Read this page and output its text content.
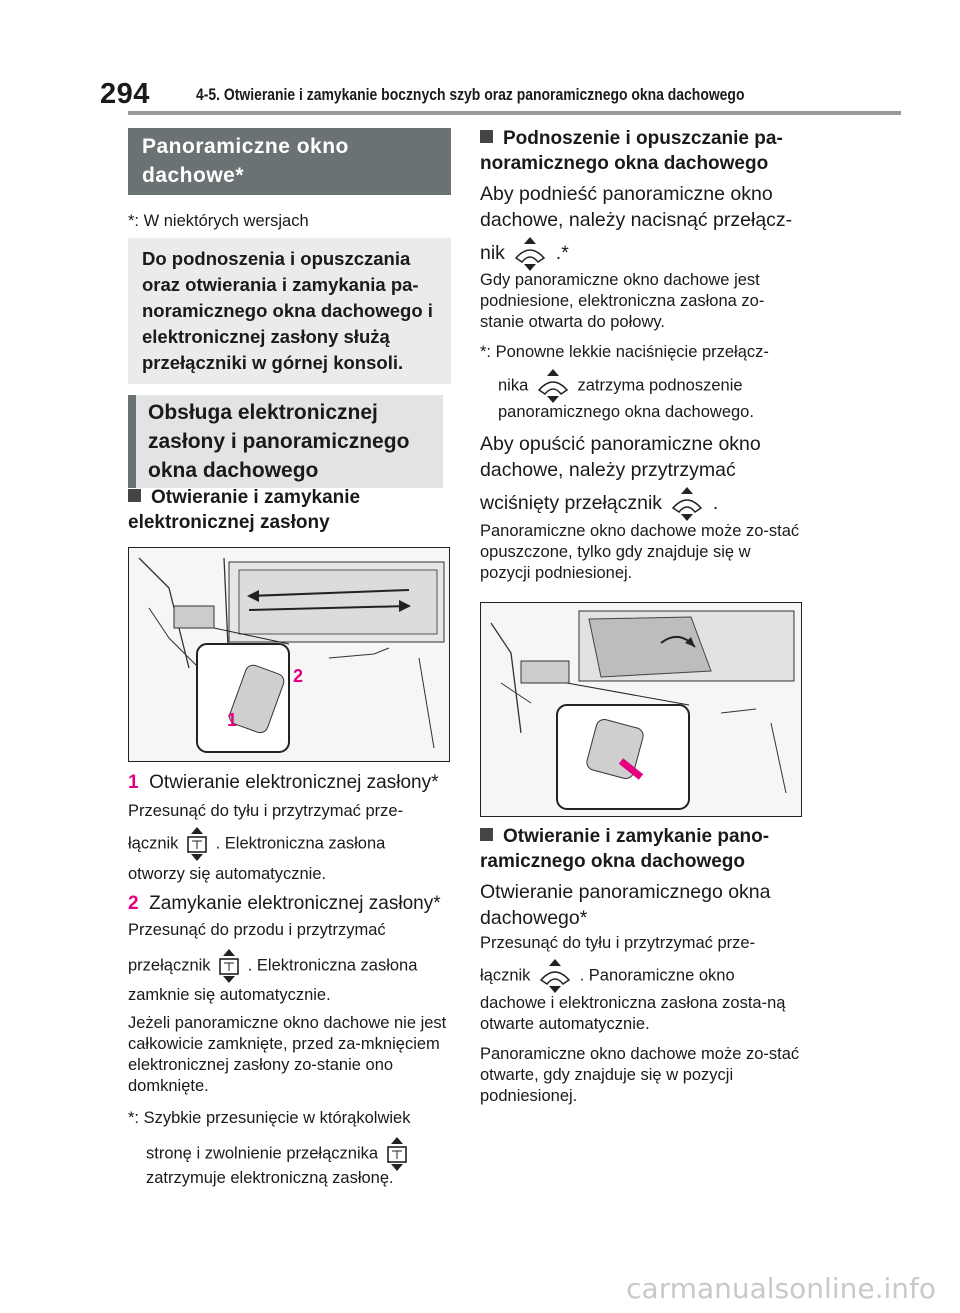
294	4-5. Otwieranie i zamykanie bocznych szyb oraz panoramicznego okna dachowego
Panoramiczne okno dachowe*
*: W niektórych wersjach
Do podnoszenia i opuszczania oraz otwierania i zamykania pa-noramicznego okna dachowego i elektronicznej zasłony służą przełączniki w górnej konsoli.
Obsługa elektronicznej zasłony i panoramicznego okna dachowego
Otwieranie i zamykanie elektronicznej zasłony
1
2
1 Otwieranie elektronicznej zasłony*
Przesunąć do tyłu i przytrzymać prze-
łącznik . Elektroniczna zasłona
otworzy się automatycznie.
2 Zamykanie elektronicznej zasłony*
Przesunąć do przodu i przytrzymać
przełącznik . Elektroniczna zasłona
zamknie się automatycznie.
Jeżeli panoramiczne okno dachowe nie jest całkowicie zamknięte, przed za-mknięciem elektronicznej zasłony zo-stanie ono domknięte.
*: Szybkie przesunięcie w którąkolwiek
stronę i zwolnienie przełącznika
zatrzymuje elektroniczną zasłonę.
Podnoszenie i opuszczanie pa-noramicznego okna dachowego
Aby podnieść panoramiczne okno dachowe, należy nacisnąć przełącz-
nik	.*
Gdy panoramiczne okno dachowe jest podniesione, elektroniczna zasłona zo-stanie otwarta do połowy.
*: Ponowne lekkie naciśnięcie przełącz-
nika	zatrzyma podnoszenie
panoramicznego okna dachowego.
Aby opuścić panoramiczne okno dachowe, należy przytrzymać
wciśnięty przełącznik	.
Panoramiczne okno dachowe może zo-stać opuszczone, tylko gdy znajduje się w pozycji podniesionej.
Otwieranie i zamykanie pano-ramicznego okna dachowego
Otwieranie panoramicznego okna dachowego*
Przesunąć do tyłu i przytrzymać prze-
łącznik	. Panoramiczne okno
dachowe i elektroniczna zasłona zosta-ną otwarte automatycznie.
Panoramiczne okno dachowe może zo-stać otwarte, gdy znajduje się w pozycji podniesionej.
carmanualsonline.info
